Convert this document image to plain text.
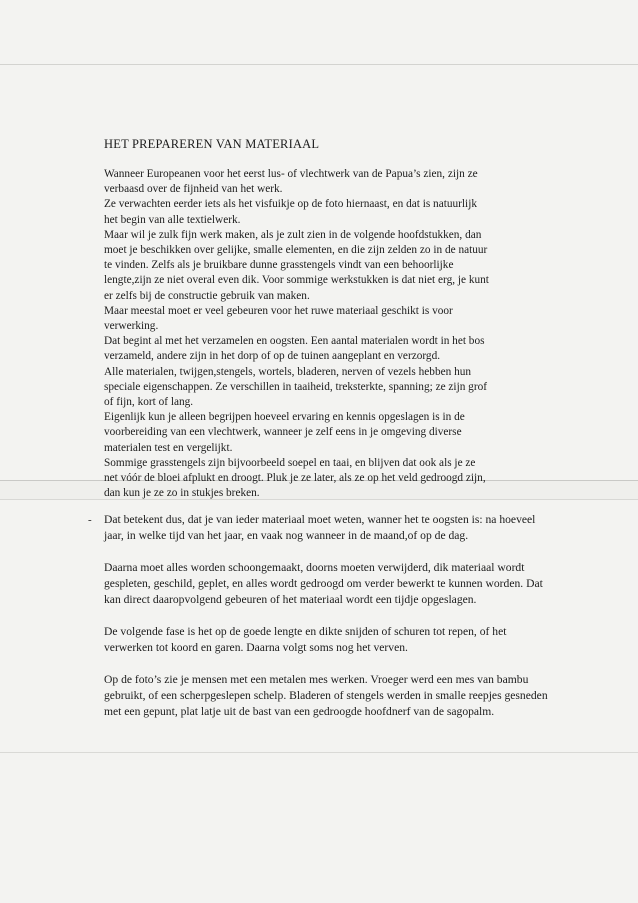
HET PREPAREREN VAN MATERIAAL
Wanneer Europeanen voor het eerst lus- of vlechtwerk van de Papua’s zien, zijn ze
verbaasd over de fijnheid van het werk.
Ze verwachten eerder iets als het visfuikje op de foto hiernaast, en dat is natuurlijk
het begin van alle textielwerk.
Maar wil je zulk fijn werk maken, als je zult zien in de volgende hoofdstukken, dan
moet je beschikken over gelijke, smalle elementen, en die zijn zelden zo in de natuur
te vinden. Zelfs als je bruikbare dunne grasstengels vindt van een behoorlijke
lengte,zijn ze niet overal even dik. Voor sommige werkstukken is dat niet erg, je kunt
er zelfs bij de constructie gebruik van maken.
Maar meestal moet er veel gebeuren voor het ruwe materiaal geschikt is voor
verwerking.
Dat begint al met het verzamelen en oogsten. Een aantal materialen wordt in het bos
verzameld, andere zijn in het dorp of op de tuinen aangeplant en verzorgd.
Alle materialen, twijgen,stengels, wortels, bladeren, nerven of vezels hebben hun
speciale eigenschappen. Ze verschillen in taaiheid, treksterkte, spanning; ze zijn grof
of fijn, kort of lang.
Eigenlijk kun je alleen begrijpen hoeveel ervaring en kennis opgeslagen is in de
voorbereiding van een vlechtwerk, wanneer je zelf eens in je omgeving diverse
materialen test en vergelijkt.
Sommige grasstengels zijn bijvoorbeeld soepel en taai, en blijven dat ook als je ze
net vóór de bloei afplukt en droogt. Pluk je ze later, als ze op het veld gedroogd zijn,
dan kun je ze zo in stukjes breken.
- Dat betekent dus, dat je van ieder materiaal moet weten, wanner het te oogsten is: na hoeveel jaar, in welke tijd van het jaar, en vaak nog wanneer in de maand,of op de dag.

Daarna moet alles worden schoongemaakt, doorns moeten verwijderd, dik materiaal wordt gespleten, geschild, geplet, en alles wordt gedroogd om verder bewerkt te kunnen worden. Dat kan direct daaropvolgend gebeuren of het materiaal wordt een tijdje opgeslagen.

De volgende fase is het op de goede lengte en dikte snijden of schuren tot repen, of het verwerken tot koord en garen. Daarna volgt soms nog het verven.

Op de foto’s zie je mensen met een metalen mes werken. Vroeger werd een mes van bambu gebruikt, of een scherpgeslepen schelp. Bladeren of stengels werden in smalle reepjes gesneden met een gepunt, plat latje uit de bast van een gedroogde hoofdnerf van de sagopalm.
